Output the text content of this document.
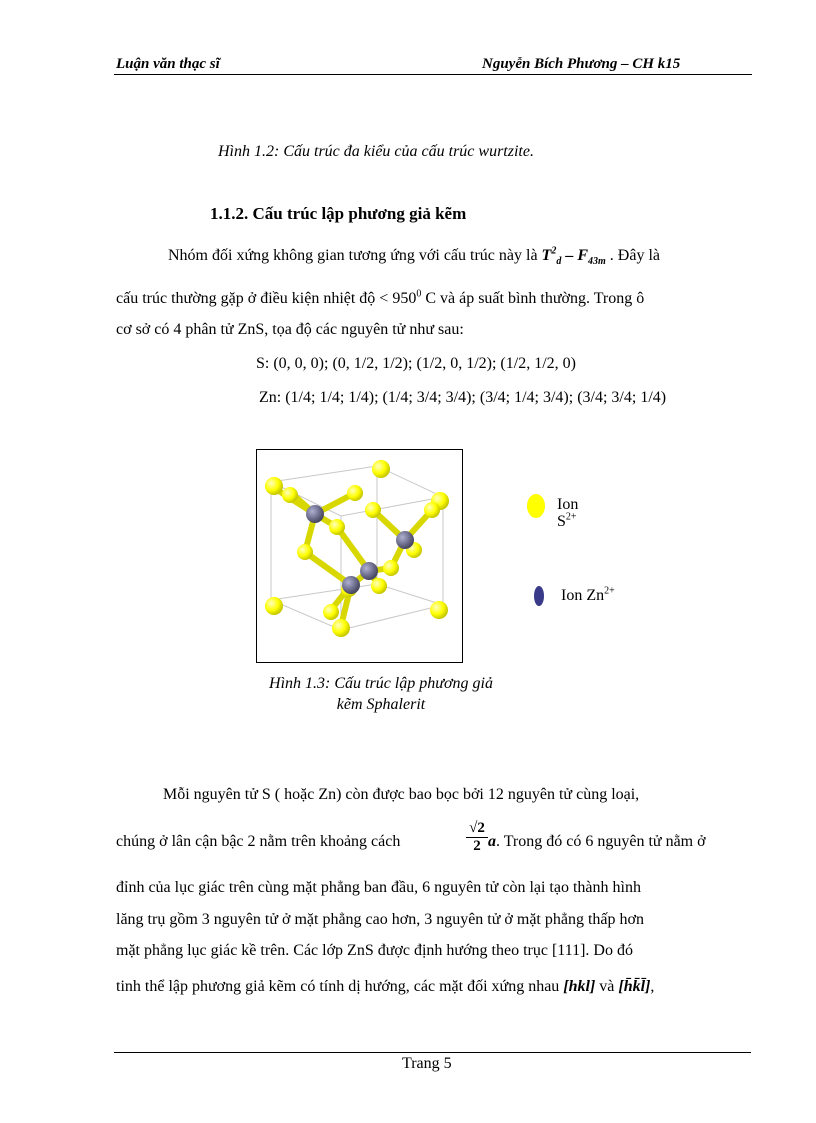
Luận văn thạc sĩ	Nguyễn Bích Phương – CH k15
Hình 1.2: Cấu trúc đa kiểu của cấu trúc wurtzite.
1.1.2. Cấu trúc lập phương giả kẽm
Nhóm đối xứng không gian tương ứng với cấu trúc này là $T^2_d - F_{43m}$ . Đây là
cấu trúc thường gặp ở điều kiện nhiệt độ < $950^0$ C và áp suất bình thường. Trong ô
cơ sở có 4 phân tử ZnS, tọa độ các nguyên tử như sau:
S: (0, 0, 0); (0, 1/2, 1/2); (1/2, 0, 1/2); (1/2, 1/2, 0)
Zn: (1/4; 1/4; 1/4); (1/4; 3/4; 3/4); (3/4; 1/4; 3/4); (3/4; 3/4; 1/4)
Ion
$S^{2+}$
Ion $Zn^{2+}$
Hình 1.3: Cấu trúc lập phương giả
kẽm Sphalerit
Mỗi nguyên tử S ( hoặc Zn) còn được bao bọc bởi 12 nguyên tử cùng loại,
chúng ở lân cận bậc 2 nằm trên khoảng cách
√2
2 a. Trong đó có 6 nguyên tử nằm ở
đỉnh của lục giác trên cùng mặt phẳng ban đầu, 6 nguyên tử còn lại tạo thành hình
lăng trụ gồm 3 nguyên tử ở mặt phẳng cao hơn, 3 nguyên tử ở mặt phẳng thấp hơn
mặt phẳng lục giác kề trên. Các lớp ZnS được định hướng theo trục [111]. Do đó
tinh thể lập phương giả kẽm có tính dị hướng, các mặt đối xứng nhau [hkl] và [h̄k̄l̄],
Trang 5
